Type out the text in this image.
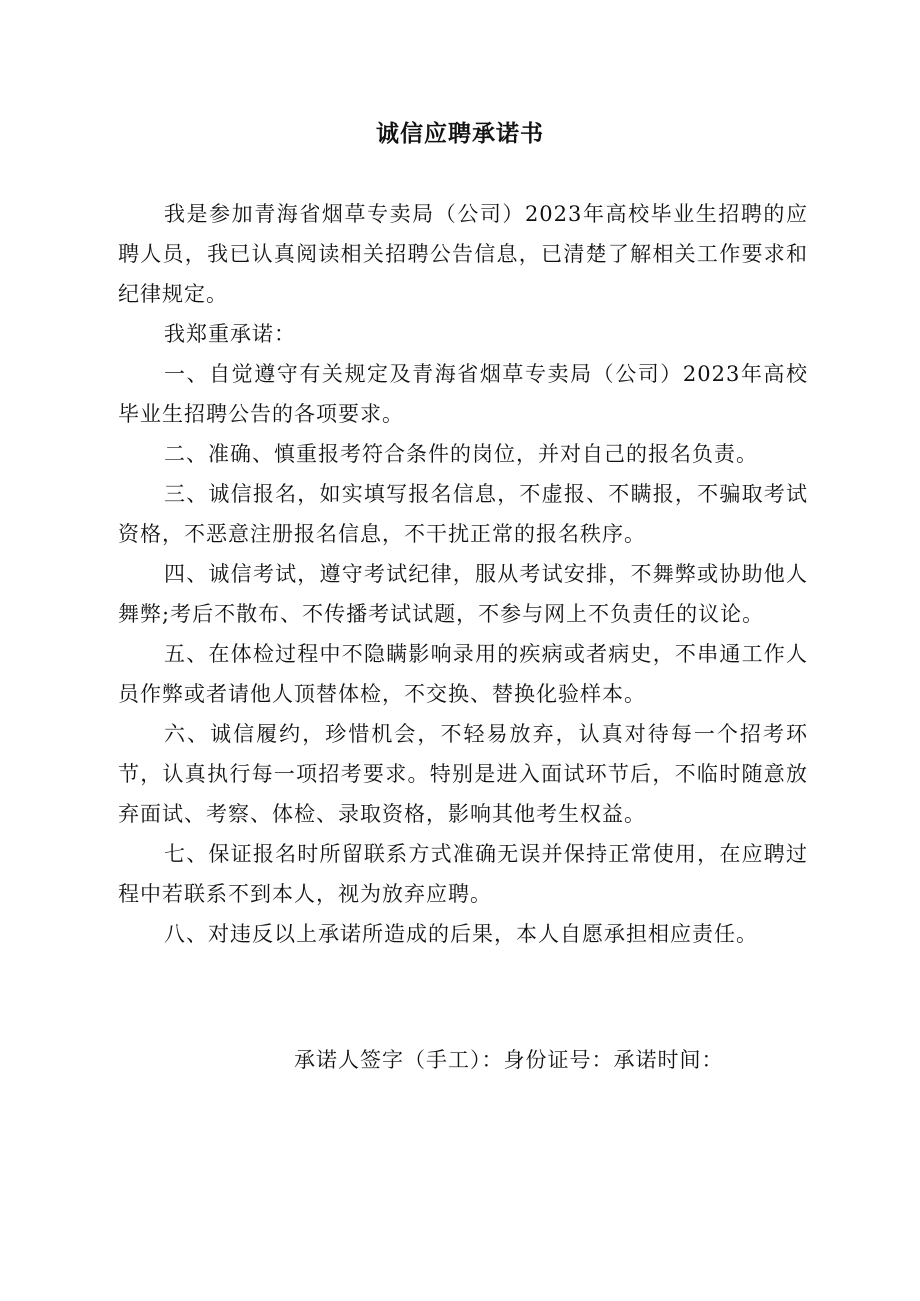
诚信应聘承诺书

我是参加青海省烟草专卖局（公司）2023年高校毕业生招聘的应聘人员，我已认真阅读相关招聘公告信息，已清楚了解相关工作要求和纪律规定。

我郑重承诺：

一、自觉遵守有关规定及青海省烟草专卖局（公司）2023年高校毕业生招聘公告的各项要求。

二、准确、慎重报考符合条件的岗位，并对自己的报名负责。

三、诚信报名，如实填写报名信息，不虚报、不瞒报，不骗取考试资格，不恶意注册报名信息，不干扰正常的报名秩序。

四、诚信考试，遵守考试纪律，服从考试安排，不舞弊或协助他人舞弊;考后不散布、不传播考试试题，不参与网上不负责任的议论。

五、在体检过程中不隐瞒影响录用的疾病或者病史，不串通工作人员作弊或者请他人顶替体检，不交换、替换化验样本。

六、诚信履约，珍惜机会，不轻易放弃，认真对待每一个招考环节，认真执行每一项招考要求。特别是进入面试环节后，不临时随意放弃面试、考察、体检、录取资格，影响其他考生权益。

七、保证报名时所留联系方式准确无误并保持正常使用，在应聘过程中若联系不到本人，视为放弃应聘。

八、对违反以上承诺所造成的后果，本人自愿承担相应责任。

承诺人签字（手工）：身份证号：承诺时间：
